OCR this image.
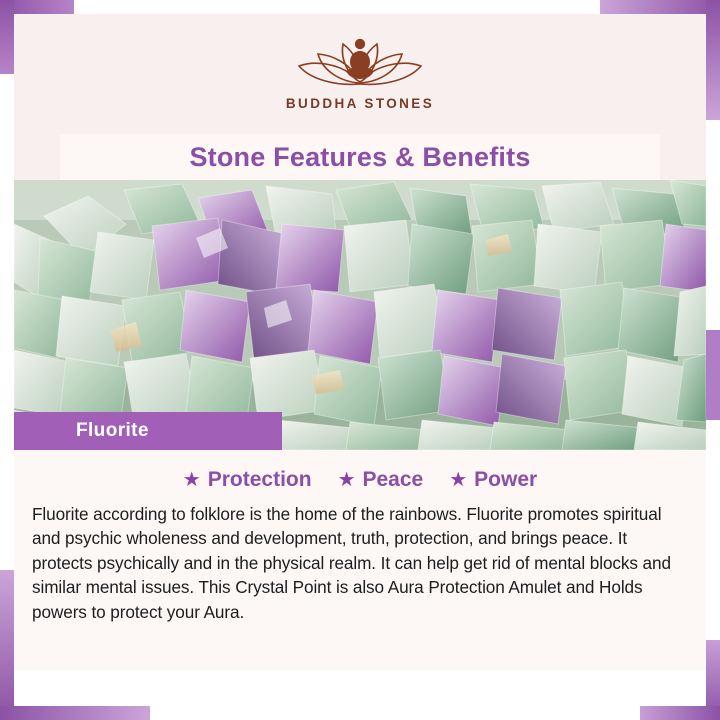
BUDDHA STONES
Stone Features & Benefits
Fluorite
★ Protection ★ Peace ★ Power
Fluorite according to folklore is the home of the rainbows. Fluorite promotes spiritual and psychic wholeness and development, truth, protection, and brings peace. It protects psychically and in the physical realm. It can help get rid of mental blocks and similar mental issues. This Crystal Point is also Aura Protection Amulet and Holds powers to protect your Aura.
